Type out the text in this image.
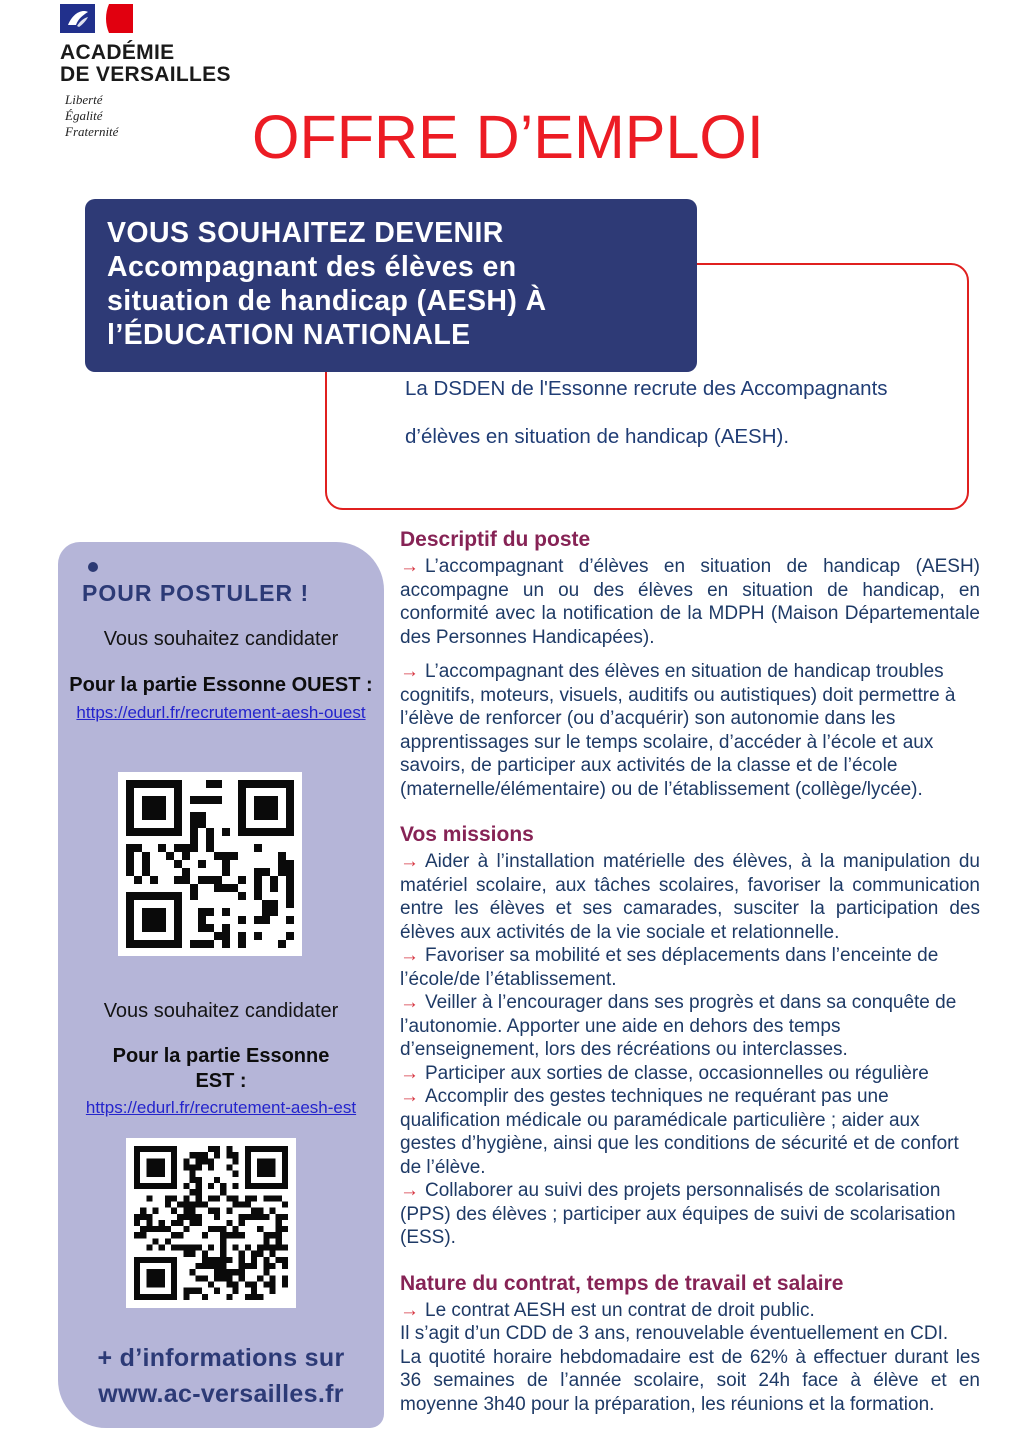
ACADÉMIE
DE VERSAILLES
Liberté
Égalité
Fraternité	OFFRE D’EMPLOI
La DSDEN de l'Essonne recrute des Accompagnants
d’élèves en situation de handicap (AESH).
VOUS SOUHAITEZ DEVENIR
Accompagnant des élèves en
situation de handicap (AESH) À
l’ÉDUCATION NATIONALE
POUR POSTULER !
Vous souhaitez candidater
Pour la partie Essonne OUEST :
https://edurl.fr/recrutement-aesh-ouest
Vous souhaitez candidater
Pour la partie Essonne EST :
https://edurl.fr/recrutement-aesh-est
+ d’informations sur
www.ac-versailles.fr
Descriptif du poste

→ L’accompagnant d’élèves en situation de handicap (AESH) accompagne un ou des élèves en situation de handicap, en conformité avec la notification de la MDPH (Maison Départementale des Personnes Handicapées).

→ L’accompagnant des élèves en situation de handicap troubles cognitifs, moteurs, visuels, auditifs ou autistiques) doit permettre à l’élève de renforcer (ou d’acquérir) son autonomie dans les apprentissages sur le temps scolaire, d’accéder à l’école et aux savoirs, de participer aux activités de la classe et de l’école (maternelle/élémentaire) ou de l’établissement (collège/lycée).

Vos missions

→ Aider à l’installation matérielle des élèves, à la manipulation du matériel scolaire, aux tâches scolaires, favoriser la communication entre les élèves et ses camarades, susciter la participation des élèves aux activités de la vie sociale et relationnelle.

→ Favoriser sa mobilité et ses déplacements dans l’enceinte de l’école/de l’établissement.

→ Veiller à l’encourager dans ses progrès et dans sa conquête de l’autonomie. Apporter une aide en dehors des temps d’enseignement, lors des récréations ou interclasses.

→ Participer aux sorties de classe, occasionnelles ou régulière

→ Accomplir des gestes techniques ne requérant pas une qualification médicale ou paramédicale particulière ; aider aux gestes d’hygiène, ainsi que les conditions de sécurité et de confort de l’élève.

→ Collaborer au suivi des projets personnalisés de scolarisation (PPS) des élèves ; participer aux équipes de suivi de scolarisation (ESS).

Nature du contrat, temps de travail et salaire

→ Le contrat AESH est un contrat de droit public.

Il s’agit d’un CDD de 3 ans, renouvelable éventuellement en CDI.

La quotité horaire hebdomadaire est de 62% à effectuer durant les 36 semaines de l’année scolaire, soit 24h face à élève et en moyenne 3h40 pour la préparation, les réunions et la formation.
